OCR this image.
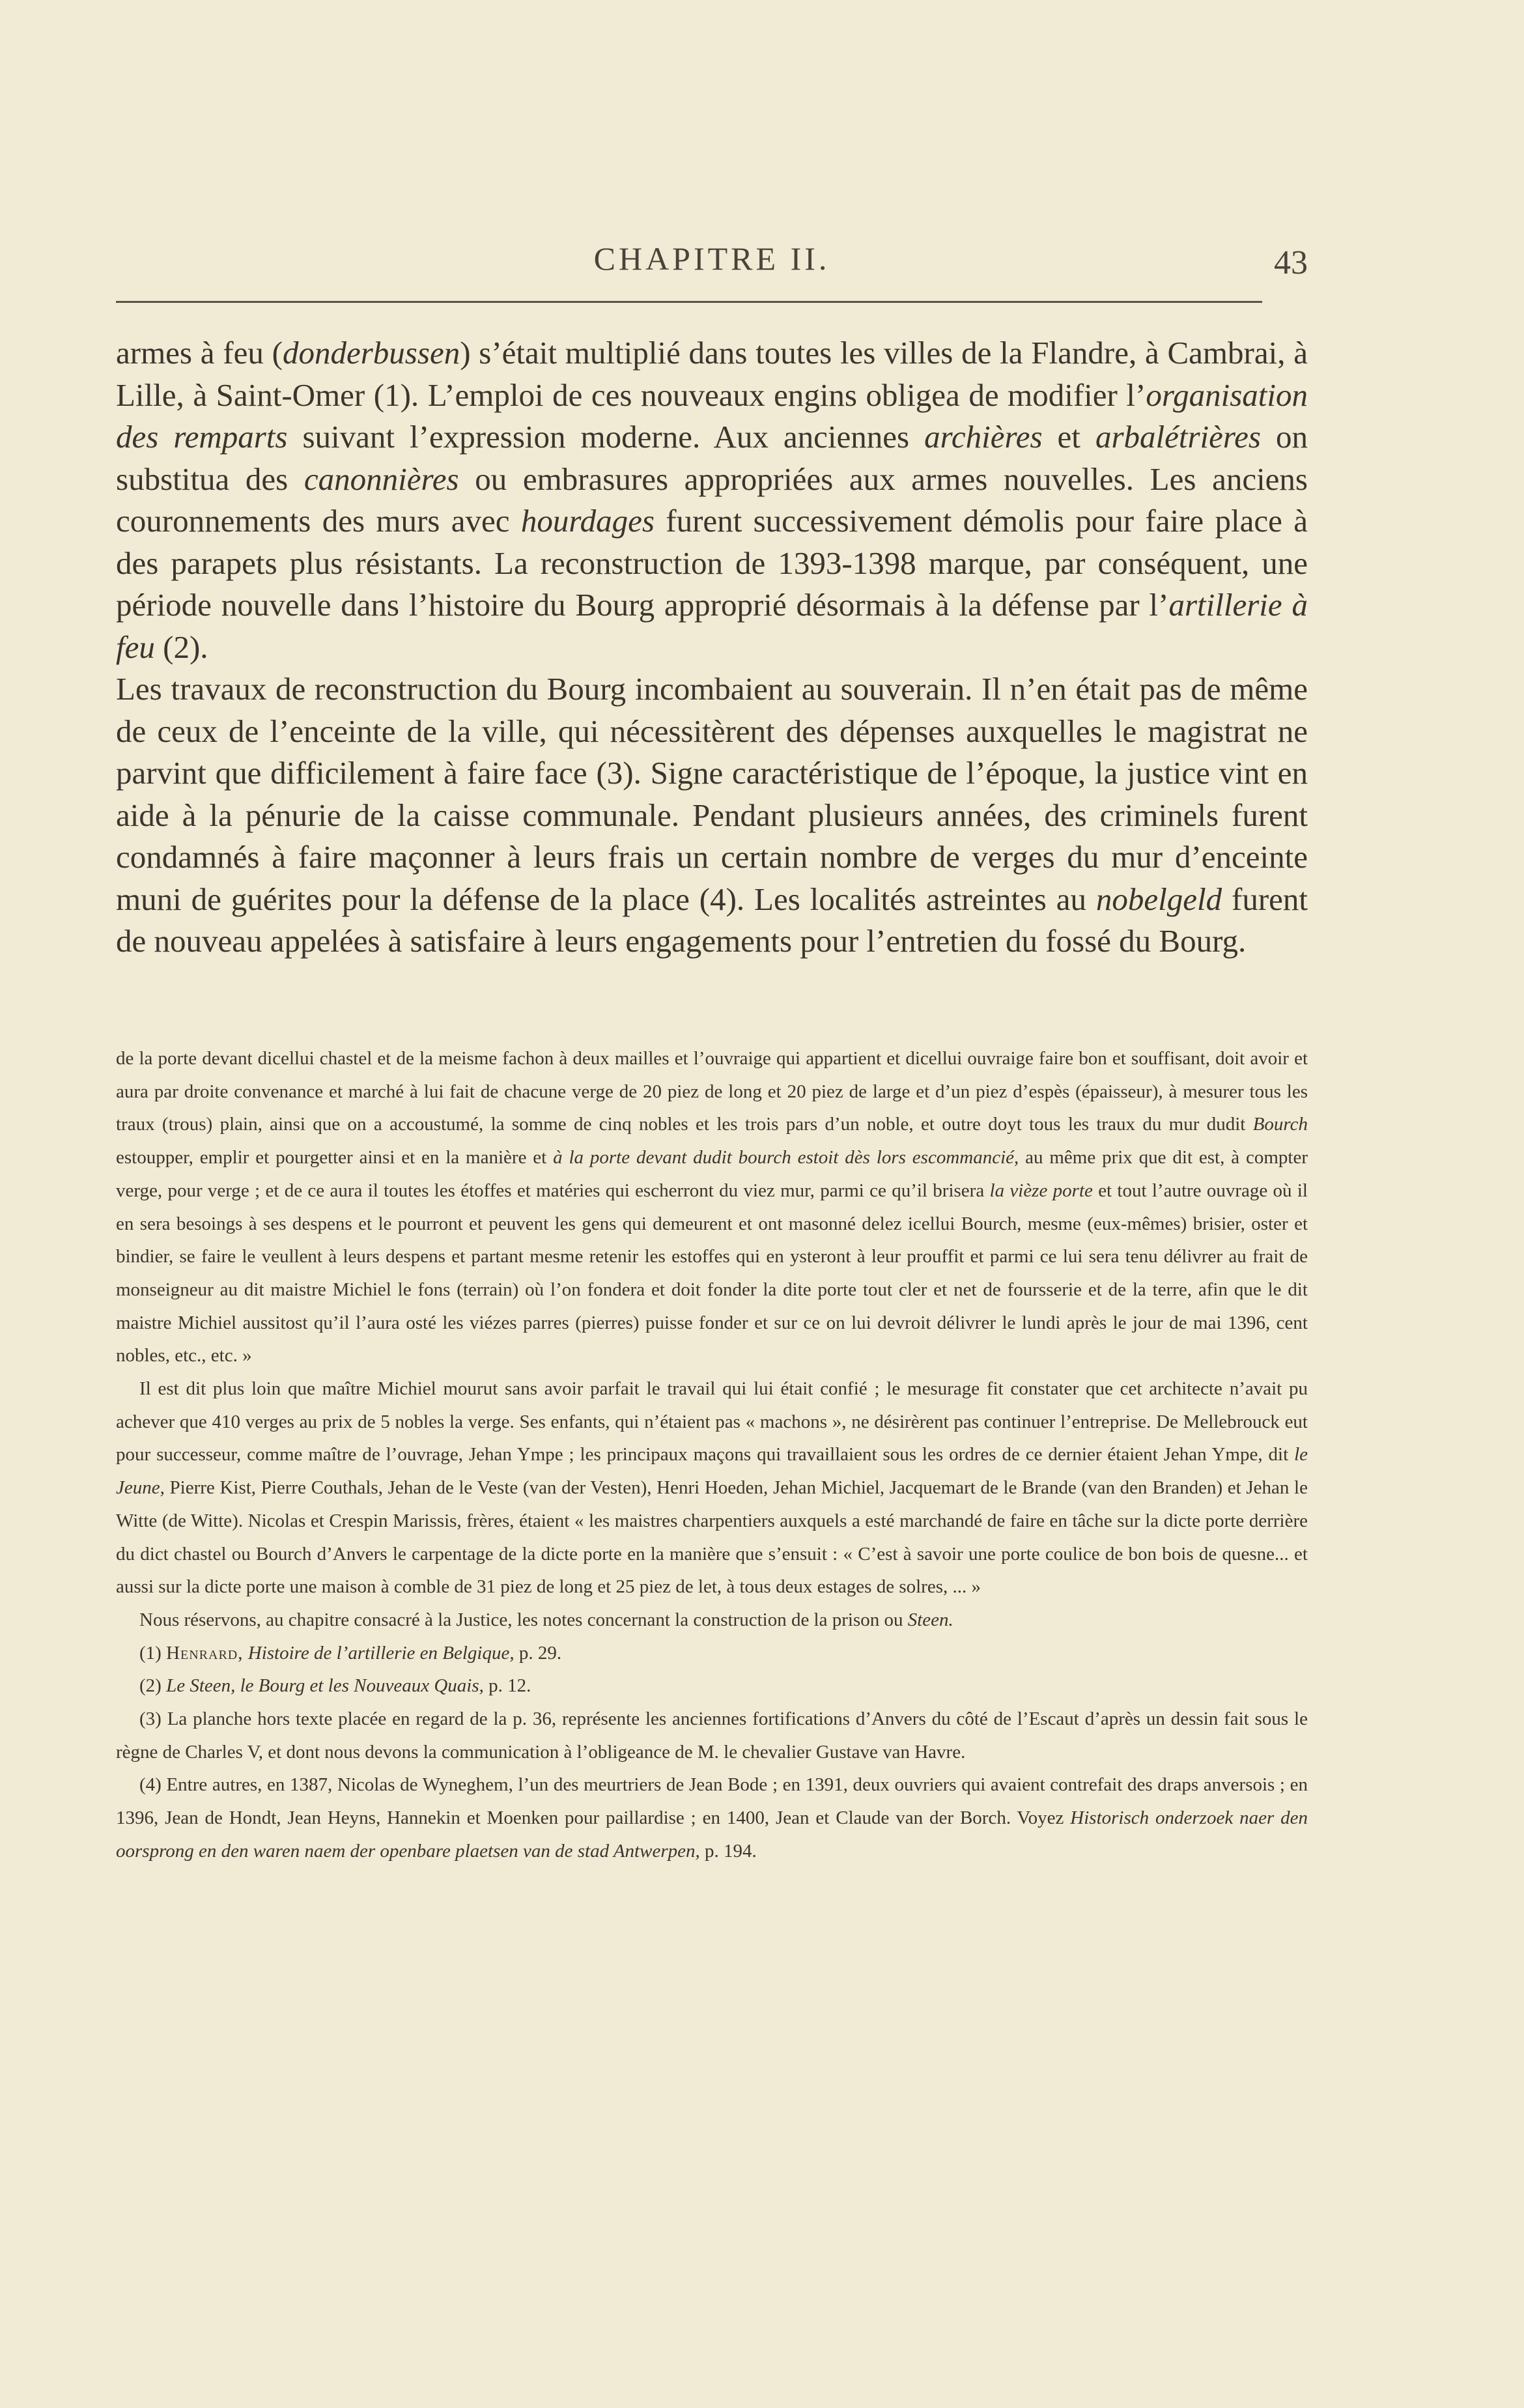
CHAPITRE II.	43

armes à feu (donderbussen) s’était multiplié dans toutes les villes de la Flandre, à Cambrai, à Lille, à Saint-Omer (1). L’emploi de ces nouveaux engins obligea de modifier l’organisation des remparts suivant l’expression moderne. Aux anciennes archières et arbalétrières on substitua des canonnières ou embrasures appropriées aux armes nouvelles. Les anciens couronnements des murs avec hourdages furent successivement démolis pour faire place à des parapets plus résistants. La reconstruction de 1393-1398 marque, par conséquent, une période nouvelle dans l’histoire du Bourg approprié désormais à la défense par l’artillerie à feu (2).

Les travaux de reconstruction du Bourg incombaient au souverain. Il n’en était pas de même de ceux de l’enceinte de la ville, qui nécessitèrent des dépenses auxquelles le magistrat ne parvint que difficilement à faire face (3). Signe caractéristique de l’époque, la justice vint en aide à la pénurie de la caisse communale. Pendant plusieurs années, des criminels furent condamnés à faire maçonner à leurs frais un certain nombre de verges du mur d’enceinte muni de guérites pour la défense de la place (4). Les localités astreintes au nobelgeld furent de nouveau appelées à satisfaire à leurs engagements pour l’entretien du fossé du Bourg.

de la porte devant dicellui chastel et de la meisme fachon à deux mailles et l’ouvraige qui appartient et dicellui ouvraige faire bon et souffisant, doit avoir et aura par droite convenance et marché à lui fait de chacune verge de 20 piez de long et 20 piez de large et d’un piez d’espès (épaisseur), à mesurer tous les traux (trous) plain, ainsi que on a accoustumé, la somme de cinq nobles et les trois pars d’un noble, et outre doyt tous les traux du mur dudit Bourch estoupper, emplir et pourgetter ainsi et en la manière et à la porte devant dudit bourch estoit dès lors escommancié, au même prix que dit est, à compter verge, pour verge ; et de ce aura il toutes les étoffes et matéries qui escherront du viez mur, parmi ce qu’il brisera la vièze porte et tout l’autre ouvrage où il en sera besoings à ses despens et le pourront et peuvent les gens qui demeurent et ont masonné delez icellui Bourch, mesme (eux-mêmes) brisier, oster et bindier, se faire le veullent à leurs despens et partant mesme retenir les estoffes qui en ysteront à leur prouffit et parmi ce lui sera tenu délivrer au frait de monseigneur au dit maistre Michiel le fons (terrain) où l’on fondera et doit fonder la dite porte tout cler et net de foursserie et de la terre, afin que le dit maistre Michiel aussitost qu’il l’aura osté les viézes parres (pierres) puisse fonder et sur ce on lui devroit délivrer le lundi après le jour de mai 1396, cent nobles, etc., etc. »

Il est dit plus loin que maître Michiel mourut sans avoir parfait le travail qui lui était confié ; le mesurage fit constater que cet architecte n’avait pu achever que 410 verges au prix de 5 nobles la verge. Ses enfants, qui n’étaient pas « machons », ne désirèrent pas continuer l’entreprise. De Mellebrouck eut pour successeur, comme maître de l’ouvrage, Jehan Ympe ; les principaux maçons qui travaillaient sous les ordres de ce dernier étaient Jehan Ympe, dit le Jeune, Pierre Kist, Pierre Couthals, Jehan de le Veste (van der Vesten), Henri Hoeden, Jehan Michiel, Jacquemart de le Brande (van den Branden) et Jehan le Witte (de Witte). Nicolas et Crespin Marissis, frères, étaient « les maistres charpentiers auxquels a esté marchandé de faire en tâche sur la dicte porte derrière du dict chastel ou Bourch d’Anvers le carpentage de la dicte porte en la manière que s’ensuit : « C’est à savoir une porte coulice de bon bois de quesne... et aussi sur la dicte porte une maison à comble de 31 piez de long et 25 piez de let, à tous deux estages de solres, ... »

Nous réservons, au chapitre consacré à la Justice, les notes concernant la construction de la prison ou Steen.

(1) Henrard, Histoire de l’artillerie en Belgique, p. 29.

(2) Le Steen, le Bourg et les Nouveaux Quais, p. 12.

(3) La planche hors texte placée en regard de la p. 36, représente les anciennes fortifications d’Anvers du côté de l’Escaut d’après un dessin fait sous le règne de Charles V, et dont nous devons la communication à l’obligeance de M. le chevalier Gustave van Havre.

(4) Entre autres, en 1387, Nicolas de Wyneghem, l’un des meurtriers de Jean Bode ; en 1391, deux ouvriers qui avaient contrefait des draps anversois ; en 1396, Jean de Hondt, Jean Heyns, Hannekin et Moenken pour paillardise ; en 1400, Jean et Claude van der Borch. Voyez Historisch onderzoek naer den oorsprong en den waren naem der openbare plaetsen van de stad Antwerpen, p. 194.
